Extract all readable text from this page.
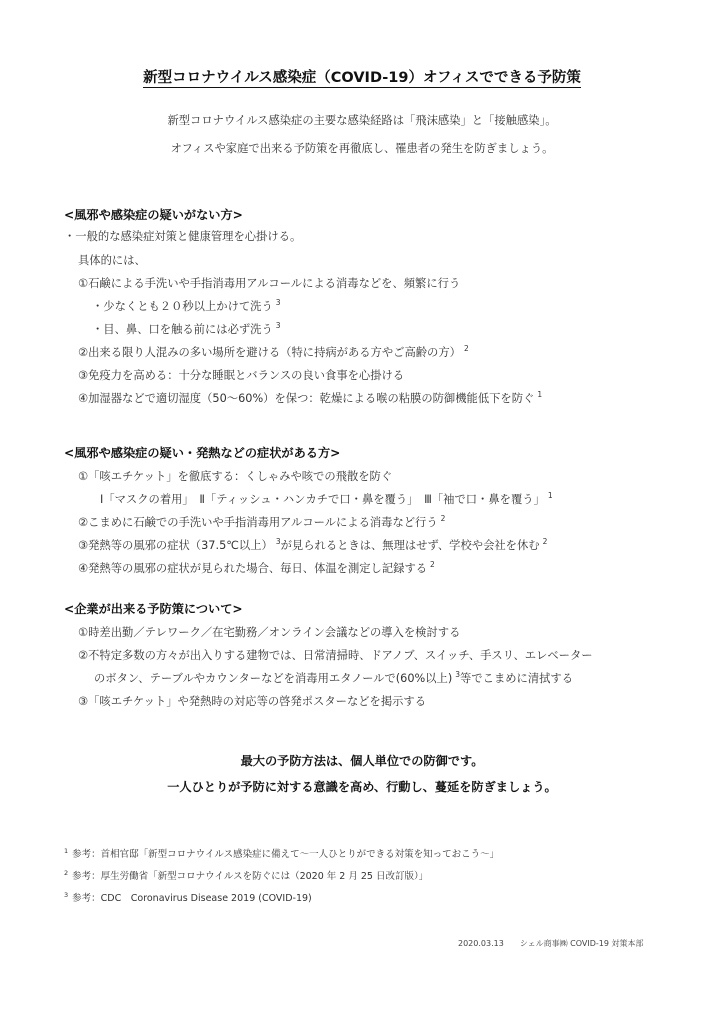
新型コロナウイルス感染症（COVID-19）オフィスでできる予防策
新型コロナウイルス感染症の主要な感染経路は「飛沫感染」と「接触感染」。
オフィスや家庭で出来る予防策を再徹底し、罹患者の発生を防ぎましょう。
<風邪や感染症の疑いがない方>
・一般的な感染症対策と健康管理を心掛ける。
具体的には、
①石鹸による手洗いや手指消毒用アルコールによる消毒などを、頻繁に行う
・少なくとも２０秒以上かけて洗う $^3$
・目、鼻、口を触る前には必ず洗う $^3$
②出来る限り人混みの多い場所を避ける（特に持病がある方やご高齢の方） $^2$
③免疫力を高める：十分な睡眠とバランスの良い食事を心掛ける
④加湿器などで適切湿度（50～60%）を保つ：乾燥による喉の粘膜の防御機能低下を防ぐ $^1$
<風邪や感染症の疑い・発熱などの症状がある方>
①「咳エチケット」を徹底する：くしゃみや咳での飛散を防ぐ
Ⅰ「マスクの着用」　Ⅱ「ティッシュ・ハンカチで口・鼻を覆う」　Ⅲ「袖で口・鼻を覆う」 $^1$
②こまめに石鹸での手洗いや手指消毒用アルコールによる消毒など行う $^2$
③発熱等の風邪の症状（37.5℃以上） $^3$が見られるときは、無理はせず、学校や会社を休む $^2$
④発熱等の風邪の症状が見られた場合、毎日、体温を測定し記録する $^2$
<企業が出来る予防策について>
①時差出勤／テレワーク／在宅勤務／オンライン会議などの導入を検討する
②不特定多数の方々が出入りする建物では、日常清掃時、ドアノブ、スイッチ、手スリ、エレベーター
のボタン、テーブルやカウンターなどを消毒用エタノールで(60%以上) $^3$等でこまめに清拭する
③「咳エチケット」や発熱時の対応等の啓発ポスターなどを掲示する
最大の予防方法は、個人単位での防御です。
一人ひとりが予防に対する意識を高め、行動し、蔓延を防ぎましょう。
$^1$ 参考：首相官邸「新型コロナウイルス感染症に備えて～一人ひとりができる対策を知っておこう～」
$^2$ 参考：厚生労働省「新型コロナウイルスを防ぐには（2020 年 2 月 25 日改訂版）」
$^3$ 参考：CDC　Coronavirus Disease 2019 (COVID-19)
2020.03.13　　シェル商事㈱ COVID-19 対策本部
